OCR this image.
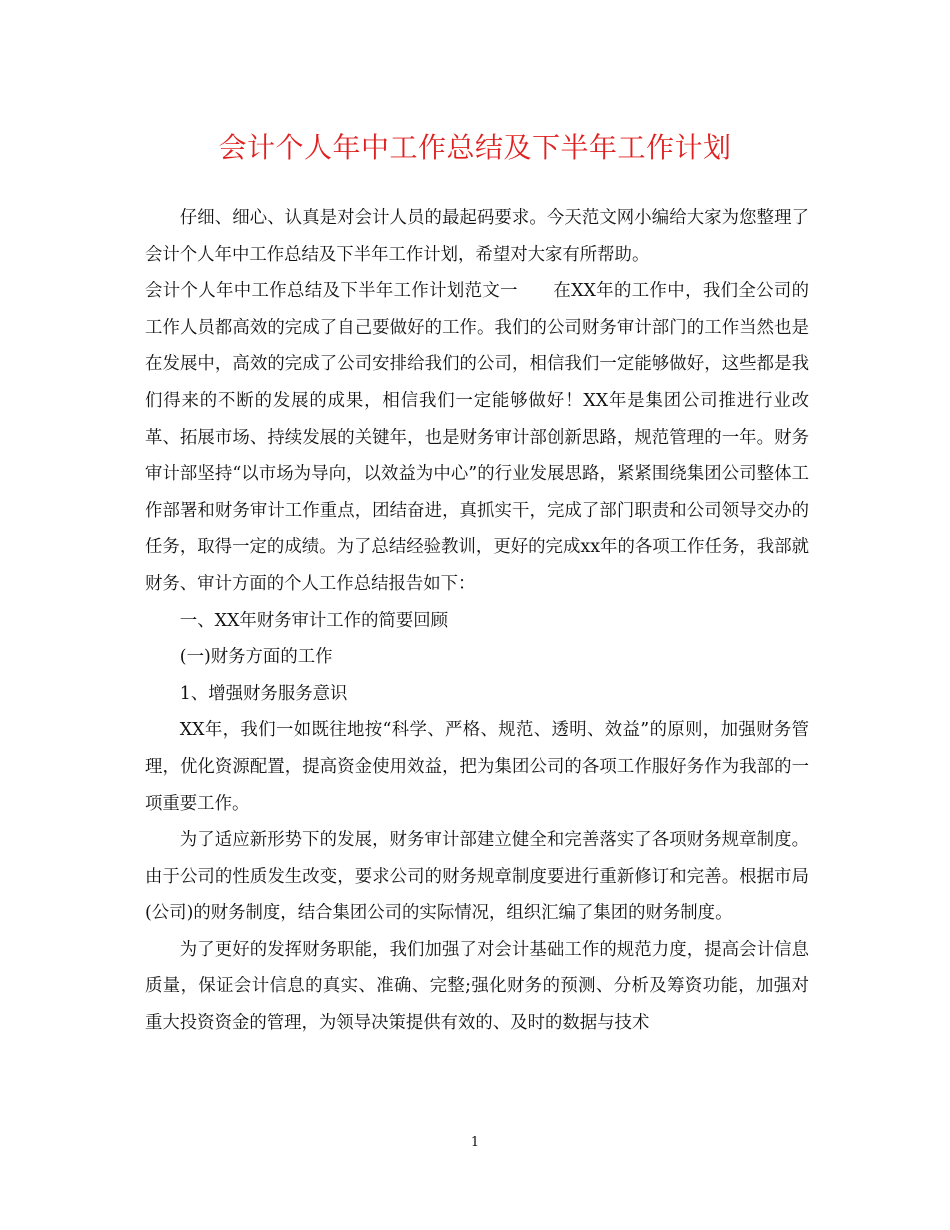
会计个人年中工作总结及下半年工作计划

仔细、细心、认真是对会计人员的最起码要求。今天范文网小编给大家为您整理了会计个人年中工作总结及下半年工作计划，希望对大家有所帮助。

会计个人年中工作总结及下半年工作计划范文一　　在XX年的工作中，我们全公司的工作人员都高效的完成了自己要做好的工作。我们的公司财务审计部门的工作当然也是在发展中，高效的完成了公司安排给我们的公司，相信我们一定能够做好，这些都是我们得来的不断的发展的成果，相信我们一定能够做好！XX年是集团公司推进行业改革、拓展市场、持续发展的关键年，也是财务审计部创新思路，规范管理的一年。财务审计部坚持“以市场为导向，以效益为中心”的行业发展思路，紧紧围绕集团公司整体工作部署和财务审计工作重点，团结奋进，真抓实干，完成了部门职责和公司领导交办的任务，取得一定的成绩。为了总结经验教训，更好的完成xx年的各项工作任务，我部就财务、审计方面的个人工作总结报告如下：

一、XX年财务审计工作的简要回顾

(一)财务方面的工作

1、增强财务服务意识

XX年，我们一如既往地按“科学、严格、规范、透明、效益”的原则，加强财务管理，优化资源配置，提高资金使用效益，把为集团公司的各项工作服好务作为我部的一项重要工作。

为了适应新形势下的发展，财务审计部建立健全和完善落实了各项财务规章制度。由于公司的性质发生改变，要求公司的财务规章制度要进行重新修订和完善。根据市局(公司)的财务制度，结合集团公司的实际情况，组织汇编了集团的财务制度。

为了更好的发挥财务职能，我们加强了对会计基础工作的规范力度，提高会计信息质量，保证会计信息的真实、准确、完整;强化财务的预测、分析及筹资功能，加强对重大投资资金的管理，为领导决策提供有效的、及时的数据与技术

1
